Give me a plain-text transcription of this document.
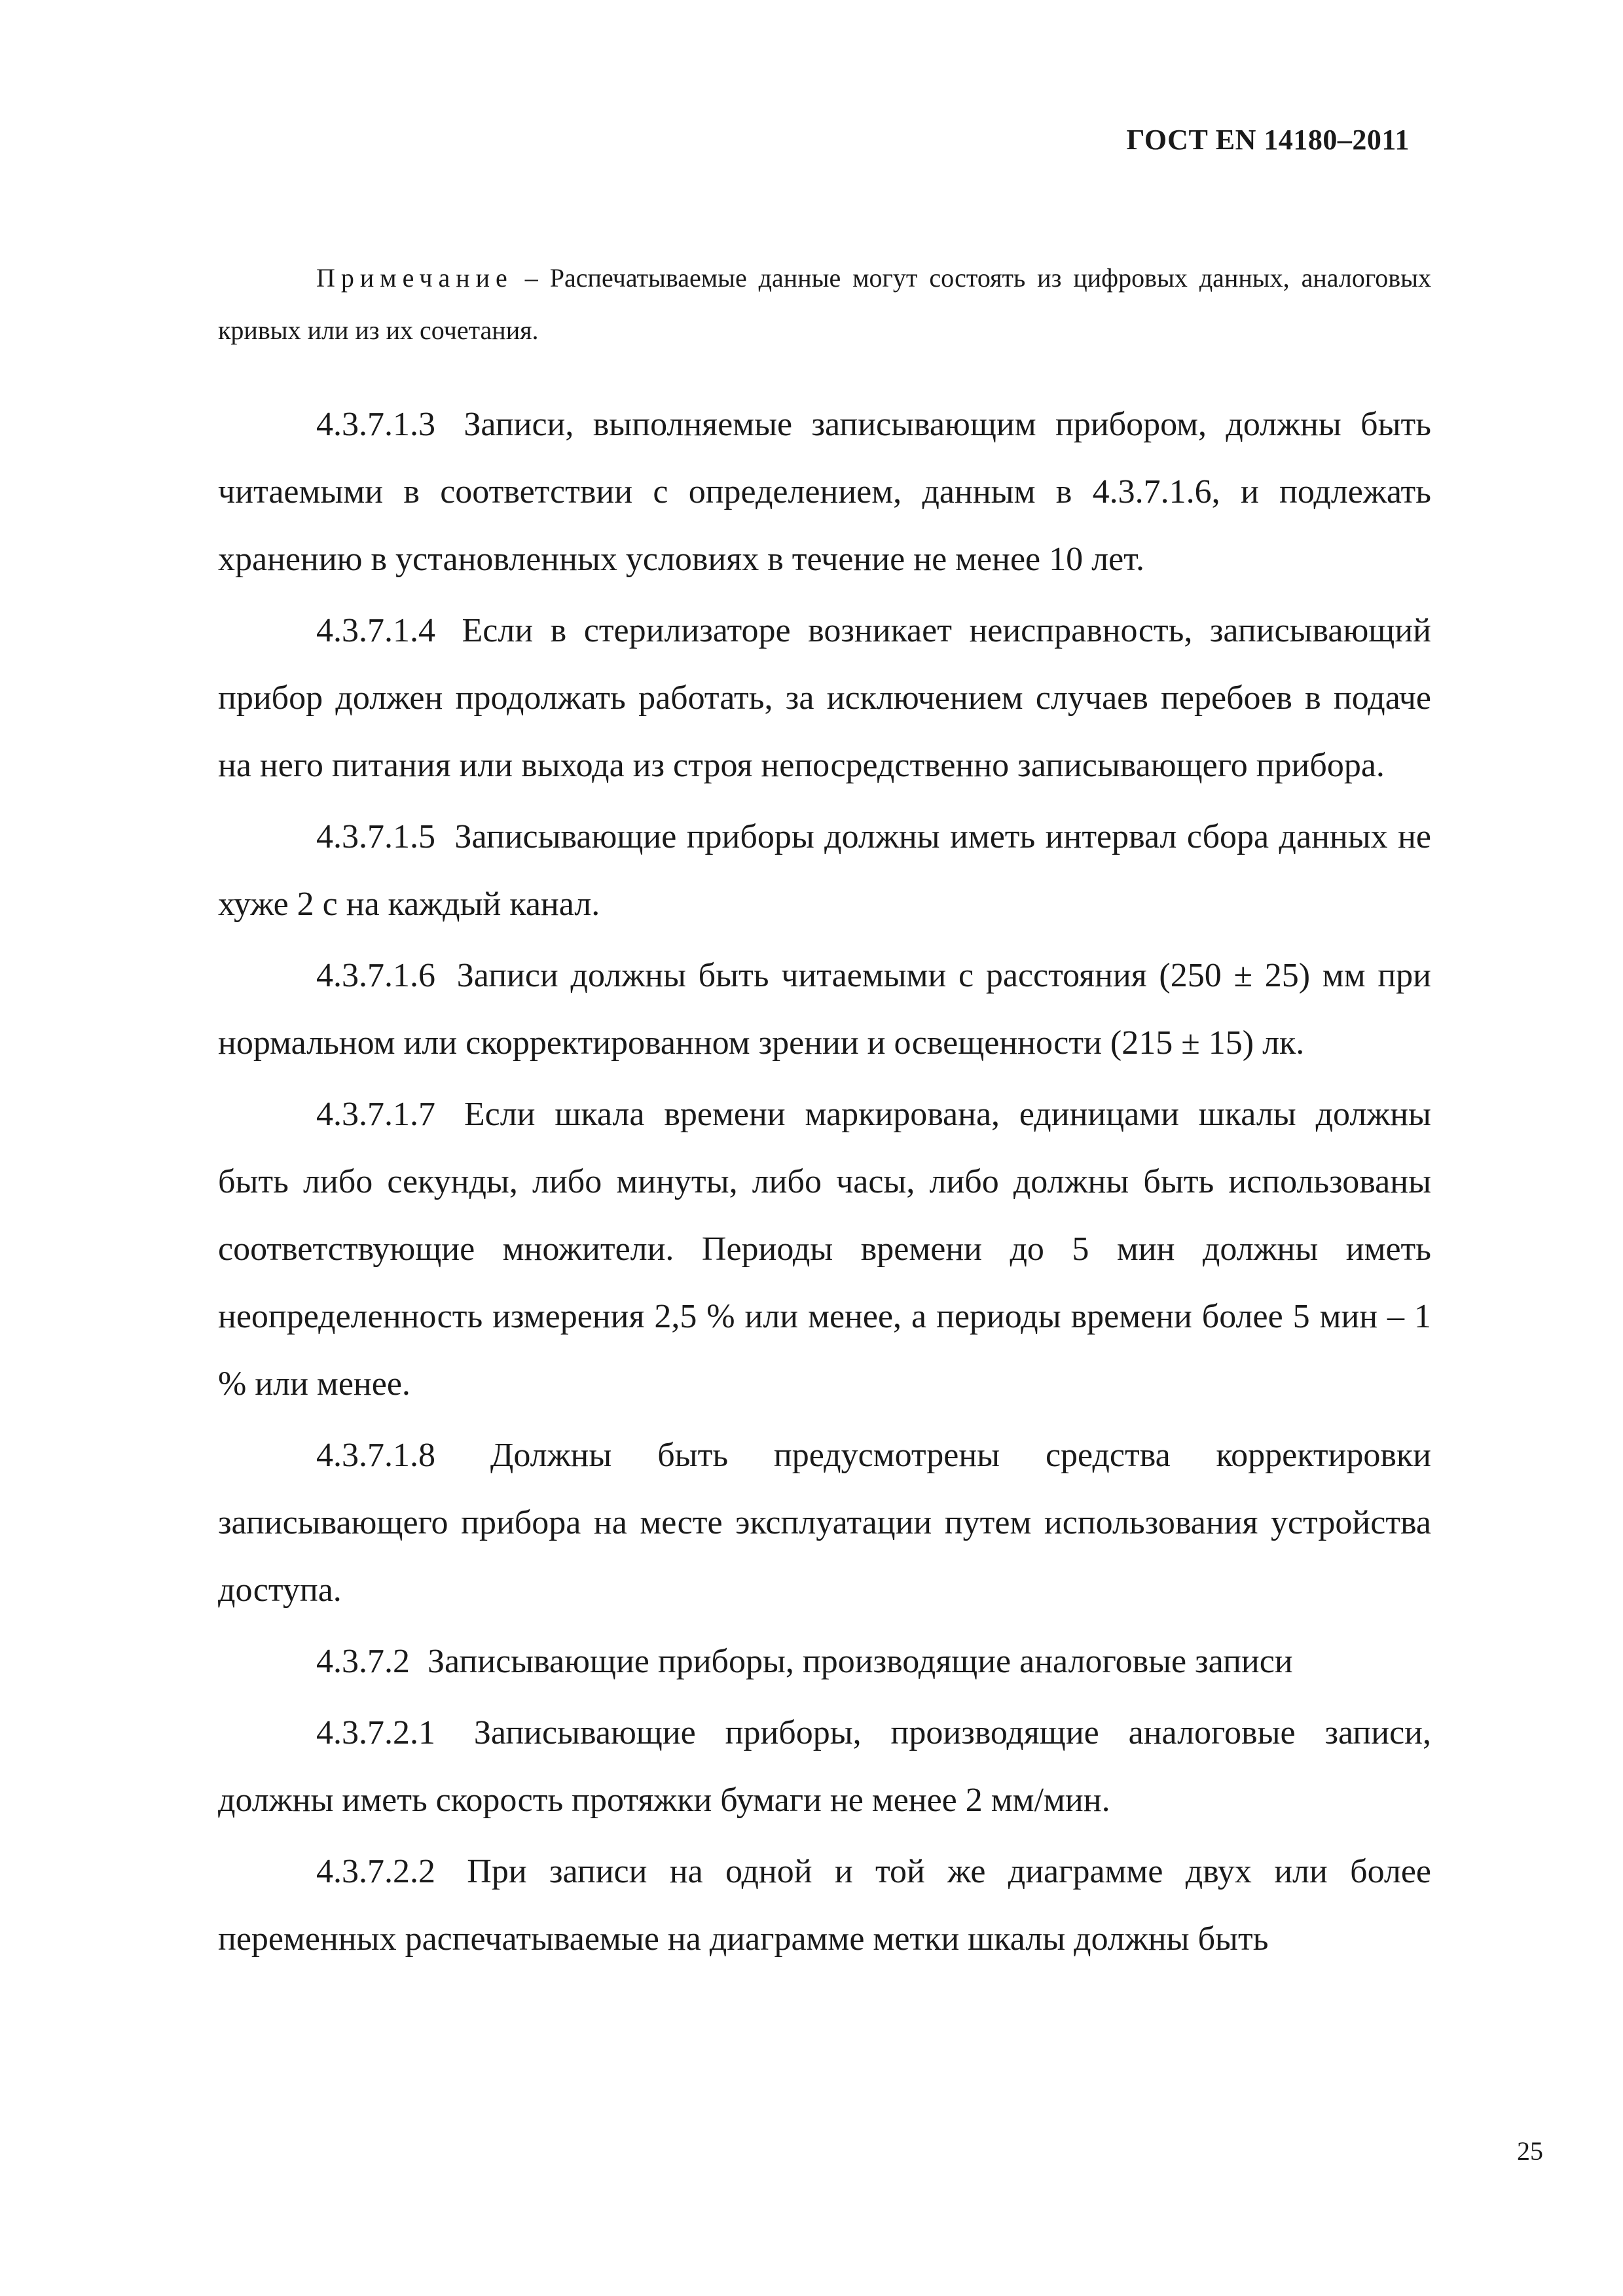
ГОСТ EN 14180–2011

Примечание – Распечатываемые данные могут состоять из цифровых данных, аналоговых кривых или из их сочетания.

4.3.7.1.3 Записи, выполняемые записывающим прибором, должны быть читаемыми в соответствии с определением, данным в 4.3.7.1.6, и подлежать хранению в установленных условиях в течение не менее 10 лет.

4.3.7.1.4 Если в стерилизаторе возникает неисправность, записывающий прибор должен продолжать работать, за исключением случаев перебоев в подаче на него питания или выхода из строя непосредственно записывающего прибора.

4.3.7.1.5 Записывающие приборы должны иметь интервал сбора данных не хуже 2 с на каждый канал.

4.3.7.1.6 Записи должны быть читаемыми с расстояния (250 ± 25) мм при нормальном или скорректированном зрении и освещенности (215 ± 15) лк.

4.3.7.1.7 Если шкала времени маркирована, единицами шкалы должны быть либо секунды, либо минуты, либо часы, либо должны быть использованы соответствующие множители. Периоды времени до 5 мин должны иметь неопределенность измерения 2,5 % или менее, а периоды времени более 5 мин – 1 % или менее.

4.3.7.1.8 Должны быть предусмотрены средства корректировки записывающего прибора на месте эксплуатации путем использования устройства доступа.

4.3.7.2 Записывающие приборы, производящие аналоговые записи

4.3.7.2.1 Записывающие приборы, производящие аналоговые записи, должны иметь скорость протяжки бумаги не менее 2 мм/мин.

4.3.7.2.2 При записи на одной и той же диаграмме двух или более переменных распечатываемые на диаграмме метки шкалы должны быть

25
